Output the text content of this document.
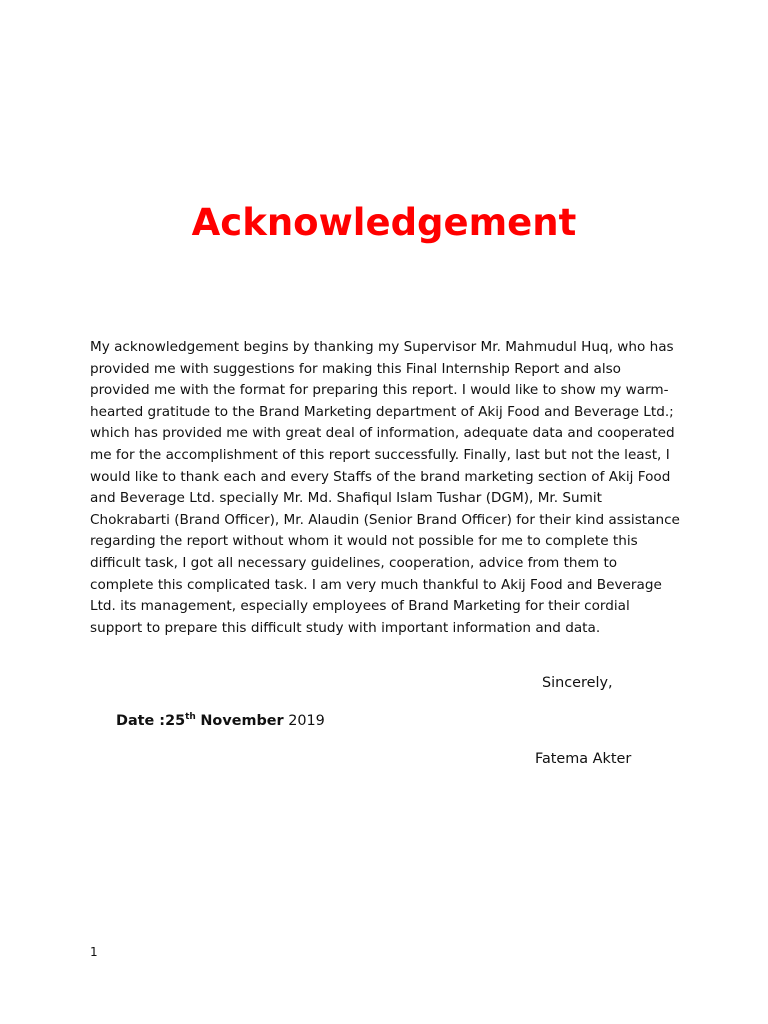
Acknowledgement

My acknowledgement begins by thanking my Supervisor Mr. Mahmudul Huq, who has provided me with suggestions for making this Final Internship Report and also provided me with the format for preparing this report. I would like to show my warm-hearted gratitude to the Brand Marketing department of Akij Food and Beverage Ltd.; which has provided me with great deal of information, adequate data and cooperated me for the accomplishment of this report successfully. Finally, last but not the least, I would like to thank each and every Staffs of the brand marketing section of Akij Food and Beverage Ltd. specially Mr. Md. Shafiqul Islam Tushar (DGM), Mr. Sumit Chokrabarti (Brand Officer), Mr. Alaudin (Senior Brand Officer) for their kind assistance regarding the report without whom it would not possible for me to complete this difficult task, I got all necessary guidelines, cooperation, advice from them to complete this complicated task. I am very much thankful to Akij Food and Beverage Ltd. its management, especially employees of Brand Marketing for their cordial support to prepare this difficult study with important information and data.

Sincerely,

Date :25th November 2019

Fatema Akter

1
